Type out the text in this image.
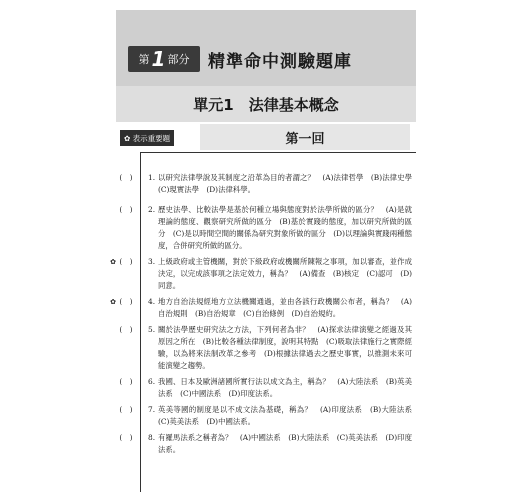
第 1 部分 精準命中測驗題庫
單元1　法律基本概念
✿ 表示重要題	第一回
(　)	1. 以研究法律學說及其制度之沿革為目的者謂之？　(A)法律哲學　(B)法律史學　(C)現實法學　(D)法律科學。
(　)	2. 歷史法學、比較法學是基於何種立場與態度對於法學所做的區分？　(A)是就理論的態度、觀察研究所做的區分　(B)基於實踐的態度，加以研究所做的區分　(C)是以時間空間的關係為研究對象所做的區分　(D)以理論與實踐兩種態度，合併研究所做的區分。
✿ (　)	3. 上級政府或主管機關，對於下級政府或機關所陳報之事項，加以審查，並作成決定，以完成該事項之法定效力，稱為？　(A)備查　(B)核定　(C)認可　(D)同意。
✿ (　)	4. 地方自治法規經地方立法機關通過，並由各該行政機關公布者，稱為？　(A)自治規則　(B)自治規章　(C)自治條例　(D)自治規約。
(　)	5. 關於法學歷史研究法之方法，下列何者為非？　(A)探求法律演變之經過及其原因之所在　(B)比較各種法律制度，說明其特點　(C)吸取法律施行之實際經驗，以為將來法制改革之參考　(D)根據法律過去之歷史事實，以推測未來可能演變之趨勢。
(　)	6. 我國、日本及歐洲諸國所實行法以成文為主，稱為？　(A)大陸法系　(B)英美法系　(C)中國法系　(D)印度法系。
(　)	7. 英美等國的制度是以不成文法為基礎，稱為？　(A)印度法系　(B)大陸法系　(C)英美法系　(D)中國法系。
(　)	8. 有羅馬法系之稱者為？　(A)中國法系　(B)大陸法系　(C)英美法系　(D)印度法系。
